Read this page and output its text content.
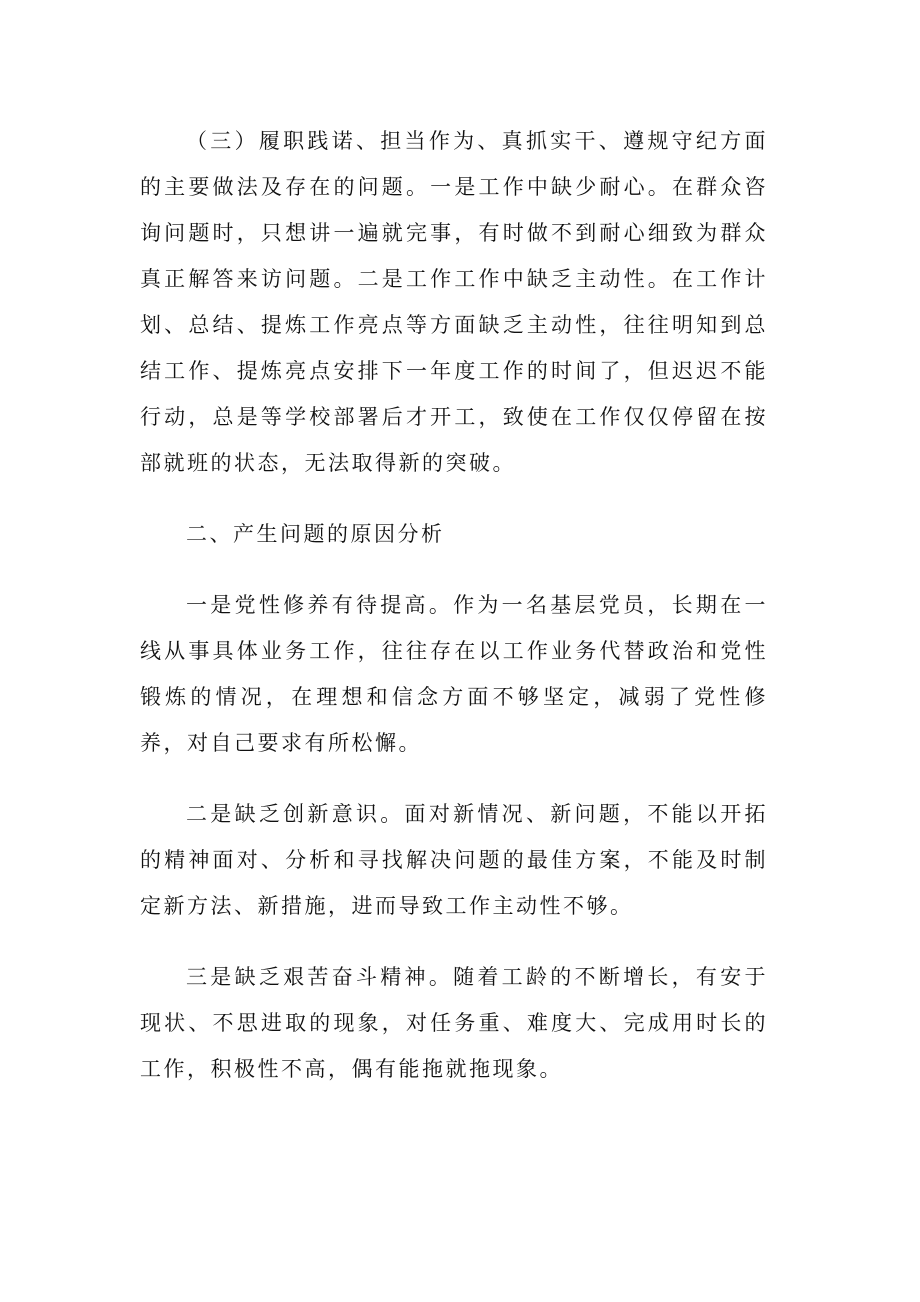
（三）履职践诺、担当作为、真抓实干、遵规守纪方面的主要做法及存在的问题。一是工作中缺少耐心。在群众咨询问题时，只想讲一遍就完事，有时做不到耐心细致为群众真正解答来访问题。二是工作工作中缺乏主动性。在工作计划、总结、提炼工作亮点等方面缺乏主动性，往往明知到总结工作、提炼亮点安排下一年度工作的时间了，但迟迟不能行动，总是等学校部署后才开工，致使在工作仅仅停留在按部就班的状态，无法取得新的突破。

二、产生问题的原因分析

一是党性修养有待提高。作为一名基层党员，长期在一线从事具体业务工作，往往存在以工作业务代替政治和党性锻炼的情况，在理想和信念方面不够坚定，减弱了党性修养，对自己要求有所松懈。

二是缺乏创新意识。面对新情况、新问题，不能以开拓的精神面对、分析和寻找解决问题的最佳方案，不能及时制定新方法、新措施，进而导致工作主动性不够。

三是缺乏艰苦奋斗精神。随着工龄的不断增长，有安于现状、不思进取的现象，对任务重、难度大、完成用时长的工作，积极性不高，偶有能拖就拖现象。
